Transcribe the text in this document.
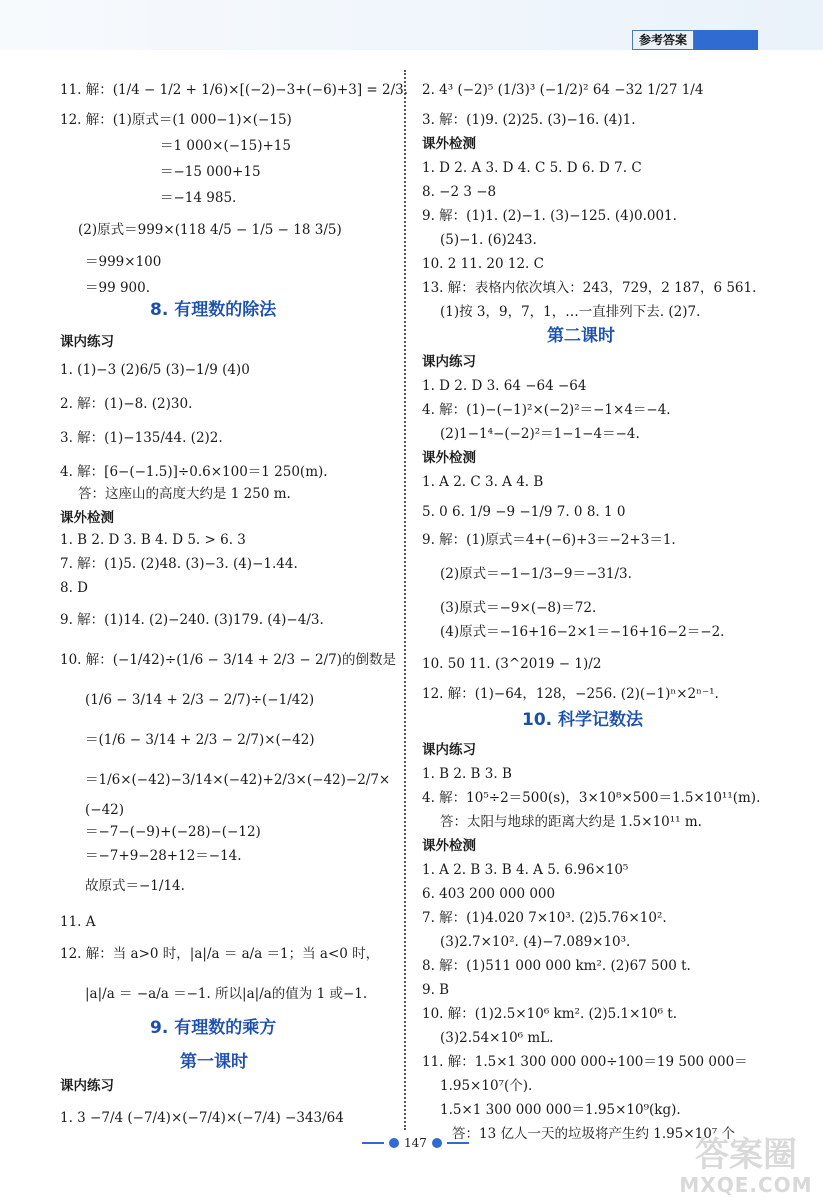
参考答案
11. 解：(1/4 − 1/2 + 1/6)×[(−2)−3+(−6)+3] = 2/3.
12. 解：(1)原式＝(1 000−1)×(−15)
＝1 000×(−15)+15
＝−15 000+15
＝−14 985.
(2)原式＝999×(118 4/5 − 1/5 − 18 3/5)
＝999×100
＝99 900.
8. 有理数的除法
课内练习
1. (1)−3 (2)6/5 (3)−1/9 (4)0
2. 解：(1)−8. (2)30.
3. 解：(1)−135/44. (2)2.
4. 解：[6−(−1.5)]÷0.6×100＝1 250(m).
答：这座山的高度大约是 1 250 m.
课外检测
1. B 2. D 3. B 4. D 5. > 6. 3
7. 解：(1)5. (2)48. (3)−3. (4)−1.44.
8. D
9. 解：(1)14. (2)−240. (3)179. (4)−4/3.
10. 解：(−1/42)÷(1/6 − 3/14 + 2/3 − 2/7)的倒数是
(1/6 − 3/14 + 2/3 − 2/7)÷(−1/42)
＝(1/6 − 3/14 + 2/3 − 2/7)×(−42)
＝1/6×(−42)−3/14×(−42)+2/3×(−42)−2/7×
(−42)
＝−7−(−9)+(−28)−(−12)
＝−7+9−28+12＝−14.
故原式＝−1/14.
11. A
12. 解：当 a>0 时，|a|/a ＝ a/a ＝1；当 a<0 时，
|a|/a ＝ −a/a ＝−1. 所以|a|/a的值为 1 或−1.
9. 有理数的乘方
第一课时
课内练习
1. 3 −7/4 (−7/4)×(−7/4)×(−7/4) −343/64
2. 4³ (−2)⁵ (1/3)³ (−1/2)² 64 −32 1/27 1/4
3. 解：(1)9. (2)25. (3)−16. (4)1.
课外检测
1. D 2. A 3. D 4. C 5. D 6. D 7. C
8. −2 3 −8
9. 解：(1)1. (2)−1. (3)−125. (4)0.001.
(5)−1. (6)243.
10. 2 11. 20 12. C
13. 解：表格内依次填入：243，729，2 187，6 561.
(1)按 3，9，7，1，…一直排列下去. (2)7.
第二课时
课内练习
1. D 2. D 3. 64 −64 −64
4. 解：(1)−(−1)²×(−2)²＝−1×4＝−4.
(2)1−1⁴−(−2)²＝1−1−4＝−4.
课外检测
1. A 2. C 3. A 4. B
5. 0 6. 1/9 −9 −1/9 7. 0 8. 1 0
9. 解：(1)原式＝4+(−6)+3＝−2+3＝1.
(2)原式＝−1−1/3−9＝−31/3.
(3)原式＝−9×(−8)＝72.
(4)原式＝−16+16−2×1＝−16+16−2＝−2.
10. 50 11. (3^2019 − 1)/2
12. 解：(1)−64，128，−256. (2)(−1)ⁿ×2ⁿ⁻¹.
10. 科学记数法
课内练习
1. B 2. B 3. B
4. 解：10⁵÷2＝500(s)，3×10⁸×500＝1.5×10¹¹(m).
答：太阳与地球的距离大约是 1.5×10¹¹ m.
课外检测
1. A 2. B 3. B 4. A 5. 6.96×10⁵
6. 403 200 000 000
7. 解：(1)4.020 7×10³. (2)5.76×10².
(3)2.7×10². (4)−7.089×10³.
8. 解：(1)511 000 000 km². (2)67 500 t.
9. B
10. 解：(1)2.5×10⁶ km². (2)5.1×10⁶ t.
(3)2.54×10⁶ mL.
11. 解：1.5×1 300 000 000÷100＝19 500 000＝
1.95×10⁷(个).
1.5×1 300 000 000＝1.95×10⁹(kg).
答：13 亿人一天的垃圾将产生约 1.95×10⁷ 个
147	答案圈
MXQE.COM
